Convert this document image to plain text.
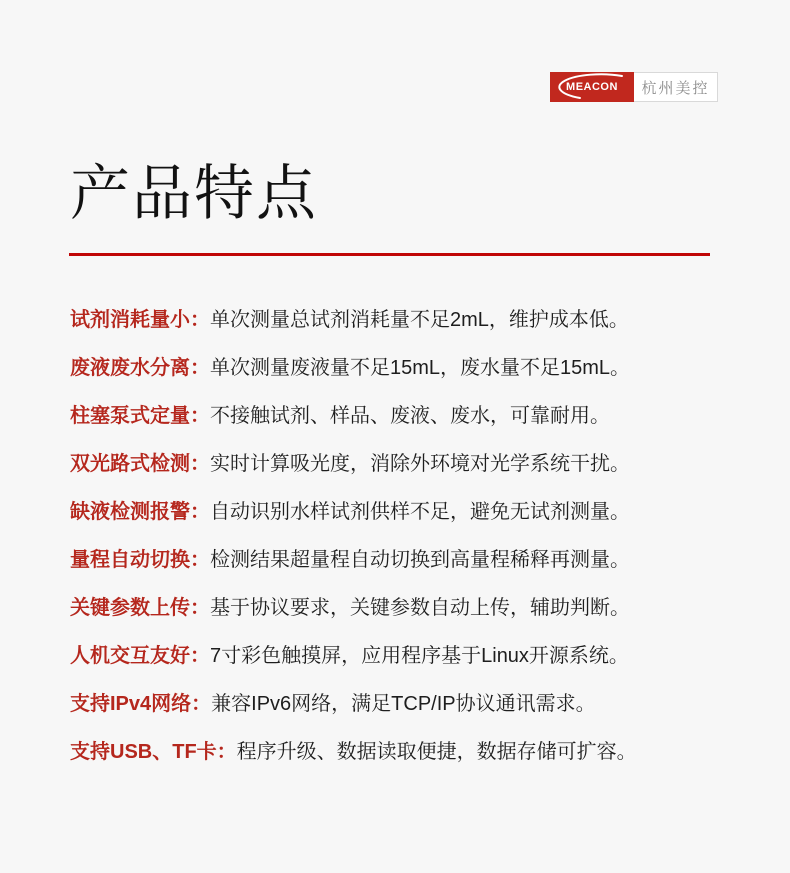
MEACON	杭州美控
产品特点
试剂消耗量小： 单次测量总试剂消耗量不足2mL，维护成本低。
废液废水分离： 单次测量废液量不足15mL，废水量不足15mL。
柱塞泵式定量： 不接触试剂、样品、废液、废水，可靠耐用。
双光路式检测： 实时计算吸光度，消除外环境对光学系统干扰。
缺液检测报警： 自动识别水样试剂供样不足，避免无试剂测量。
量程自动切换： 检测结果超量程自动切换到高量程稀释再测量。
关键参数上传： 基于协议要求，关键参数自动上传，辅助判断。
人机交互友好： 7寸彩色触摸屏，应用程序基于Linux开源系统。
支持IPv4网络： 兼容IPv6网络，满足TCP/IP协议通讯需求。
支持USB、TF卡： 程序升级、数据读取便捷，数据存储可扩容。
